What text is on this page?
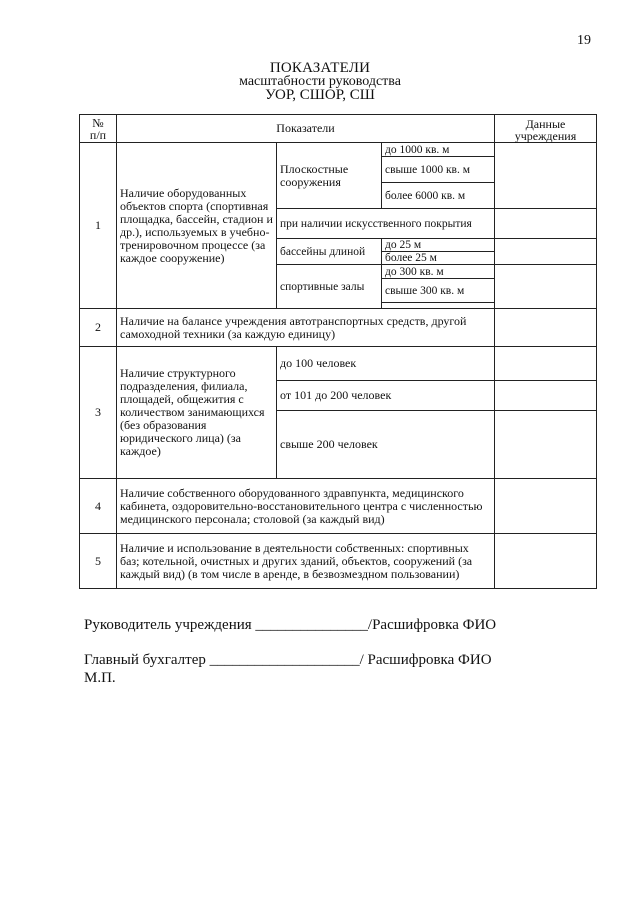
19
ПОКАЗАТЕЛИ
масштабности руководства
УОР, СШОР, СШ
№
п/п	Показатели			Данные
учреждения
1	Наличие оборудованных объектов спорта (спортивная площадка, бассейн, стадион и др.), используемых в учебно-тренировочном процессе (за каждое сооружение)	Плоскостные сооружения	до 1000 кв. м	
			свыше 1000 кв. м	
			более 6000 кв. м	
		при наличии искусственного покрытия		
		бассейны длиной	до 25 м	
			более 25 м	
		спортивные залы	до 300 кв. м	
			свыше 300 кв. м	

2	Наличие на балансе учреждения автотранспортных средств, другой самоходной техники (за каждую единицу)			
3	Наличие структурного подразделения, филиала, площадей, общежития с количеством занимающихся (без образования юридического лица) (за каждое)	до 100 человек		
		от 101 до 200 человек		
		свыше 200 человек		
4	Наличие собственного оборудованного здравпункта, медицинского кабинета, оздоровительно-восстановительного центра с численностью медицинского персонала; столовой (за каждый вид)			
5	Наличие и использование в деятельности собственных: спортивных баз; котельной, очистных и других зданий, объектов, сооружений (за каждый вид) (в том числе в аренде, в безвозмездном пользовании)			
Руководитель учреждения _______________/Расшифровка ФИО
Главный бухгалтер ____________________/ Расшифровка ФИО
М.П.
